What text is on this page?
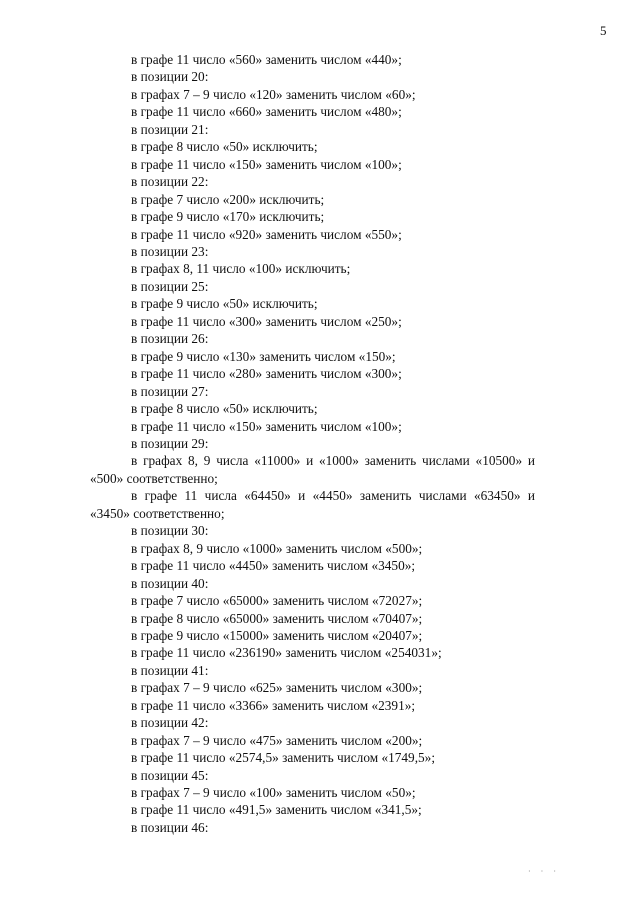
5
в графе 11 число «560» заменить числом «440»;
в позиции 20:
в графах 7 – 9 число «120» заменить числом «60»;
в графе 11 число «660» заменить числом «480»;
в позиции 21:
в графе 8 число «50» исключить;
в графе 11 число «150» заменить числом «100»;
в позиции 22:
в графе 7 число «200» исключить;
в графе 9 число «170» исключить;
в графе 11 число «920» заменить числом «550»;
в позиции 23:
в графах 8, 11 число «100» исключить;
в позиции 25:
в графе 9 число «50» исключить;
в графе 11 число «300» заменить числом «250»;
в позиции 26:
в графе 9 число «130» заменить числом «150»;
в графе 11 число «280» заменить числом «300»;
в позиции 27:
в графе 8 число «50» исключить;
в графе 11 число «150» заменить числом «100»;
в позиции 29:

в графах 8, 9 числа «11000» и «1000» заменить числами «10500» и «500» соответственно;

в графе 11 числа «64450» и «4450» заменить числами «63450» и «3450» соответственно;

в позиции 30:
в графах 8, 9 число «1000» заменить числом «500»;
в графе 11 число «4450» заменить числом «3450»;
в позиции 40:
в графе 7 число «65000» заменить числом «72027»;
в графе 8 число «65000» заменить числом «70407»;
в графе 9 число «15000» заменить числом «20407»;
в графе 11 число «236190» заменить числом «254031»;
в позиции 41:
в графах 7 – 9 число «625» заменить числом «300»;
в графе 11 число «3366» заменить числом «2391»;
в позиции 42:
в графах 7 – 9 число «475» заменить числом «200»;
в графе 11 число «2574,5» заменить числом «1749,5»;
в позиции 45:
в графах 7 – 9 число «100» заменить числом «50»;
в графе 11 число «491,5» заменить числом «341,5»;
в позиции 46:
· · ·
